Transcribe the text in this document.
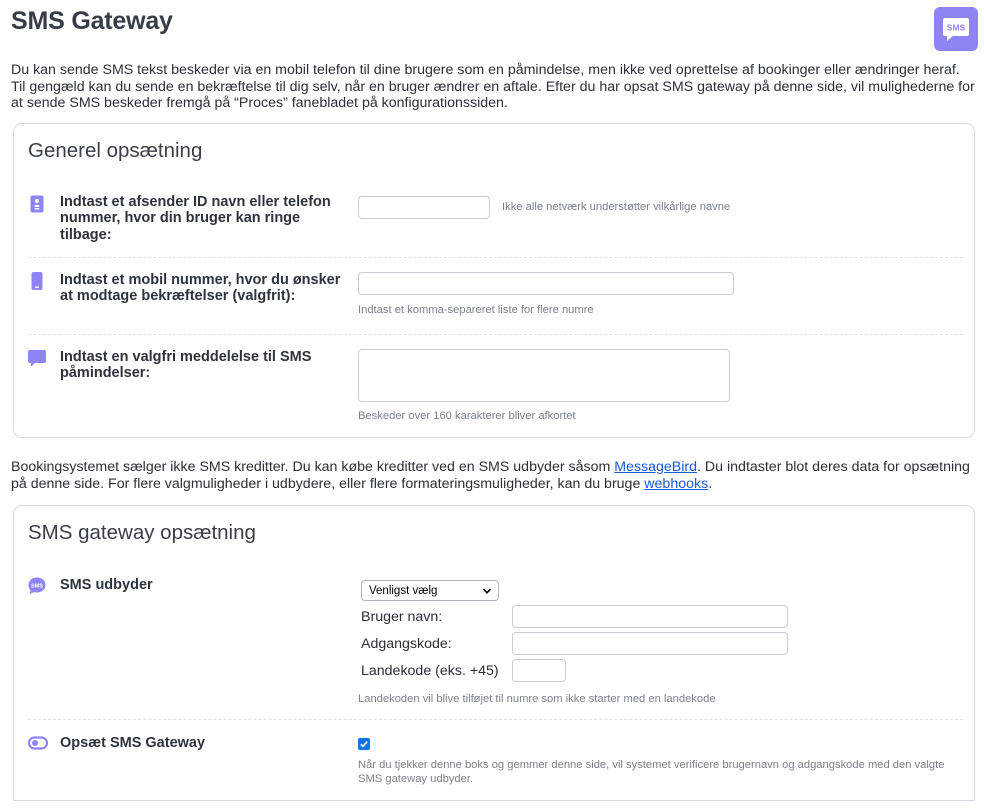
SMS Gateway	SMS

Du kan sende SMS tekst beskeder via en mobil telefon til dine brugere som en påmindelse, men ikke ved oprettelse af bookinger eller ændringer heraf. Til gengæld kan du sende en bekræftelse til dig selv, når en bruger ændrer en aftale. Efter du har opsat SMS gateway på denne side, vil mulighederne for at sende SMS beskeder fremgå på “Proces” fanebladet på konfigurationssiden.

Generel opsætning

Indtast et afsender ID navn eller telefon nummer, hvor din bruger kan ringe tilbage:

Ikke alle netværk understøtter vilkårlige navne

Indtast et mobil nummer, hvor du ønsker at modtage bekræftelser (valgfrit):

Indtast et komma-separeret liste for flere numre

Indtast en valgfri meddelelse til SMS påmindelser:

Beskeder over 160 karakterer bliver afkortet

Bookingsystemet sælger ikke SMS kreditter. Du kan købe kreditter ved en SMS udbyder såsom MessageBird. Du indtaster blot deres data for opsætning på denne side. For flere valgmuligheder i udbydere, eller flere formateringsmuligheder, kan du bruge webhooks.

SMS gateway opsætning
SMS SMS udbyder	Venligst vælg

Bruger navn:

Adgangskode:

Landekode (eks. +45)

Landekoden vil blive tilføjet til numre som ikke starter med en landekode

Opsæt SMS Gateway

Når du tjekker denne boks og gemmer denne side, vil systemet verificere brugernavn og adgangskode med den valgte SMS gateway udbyder.
